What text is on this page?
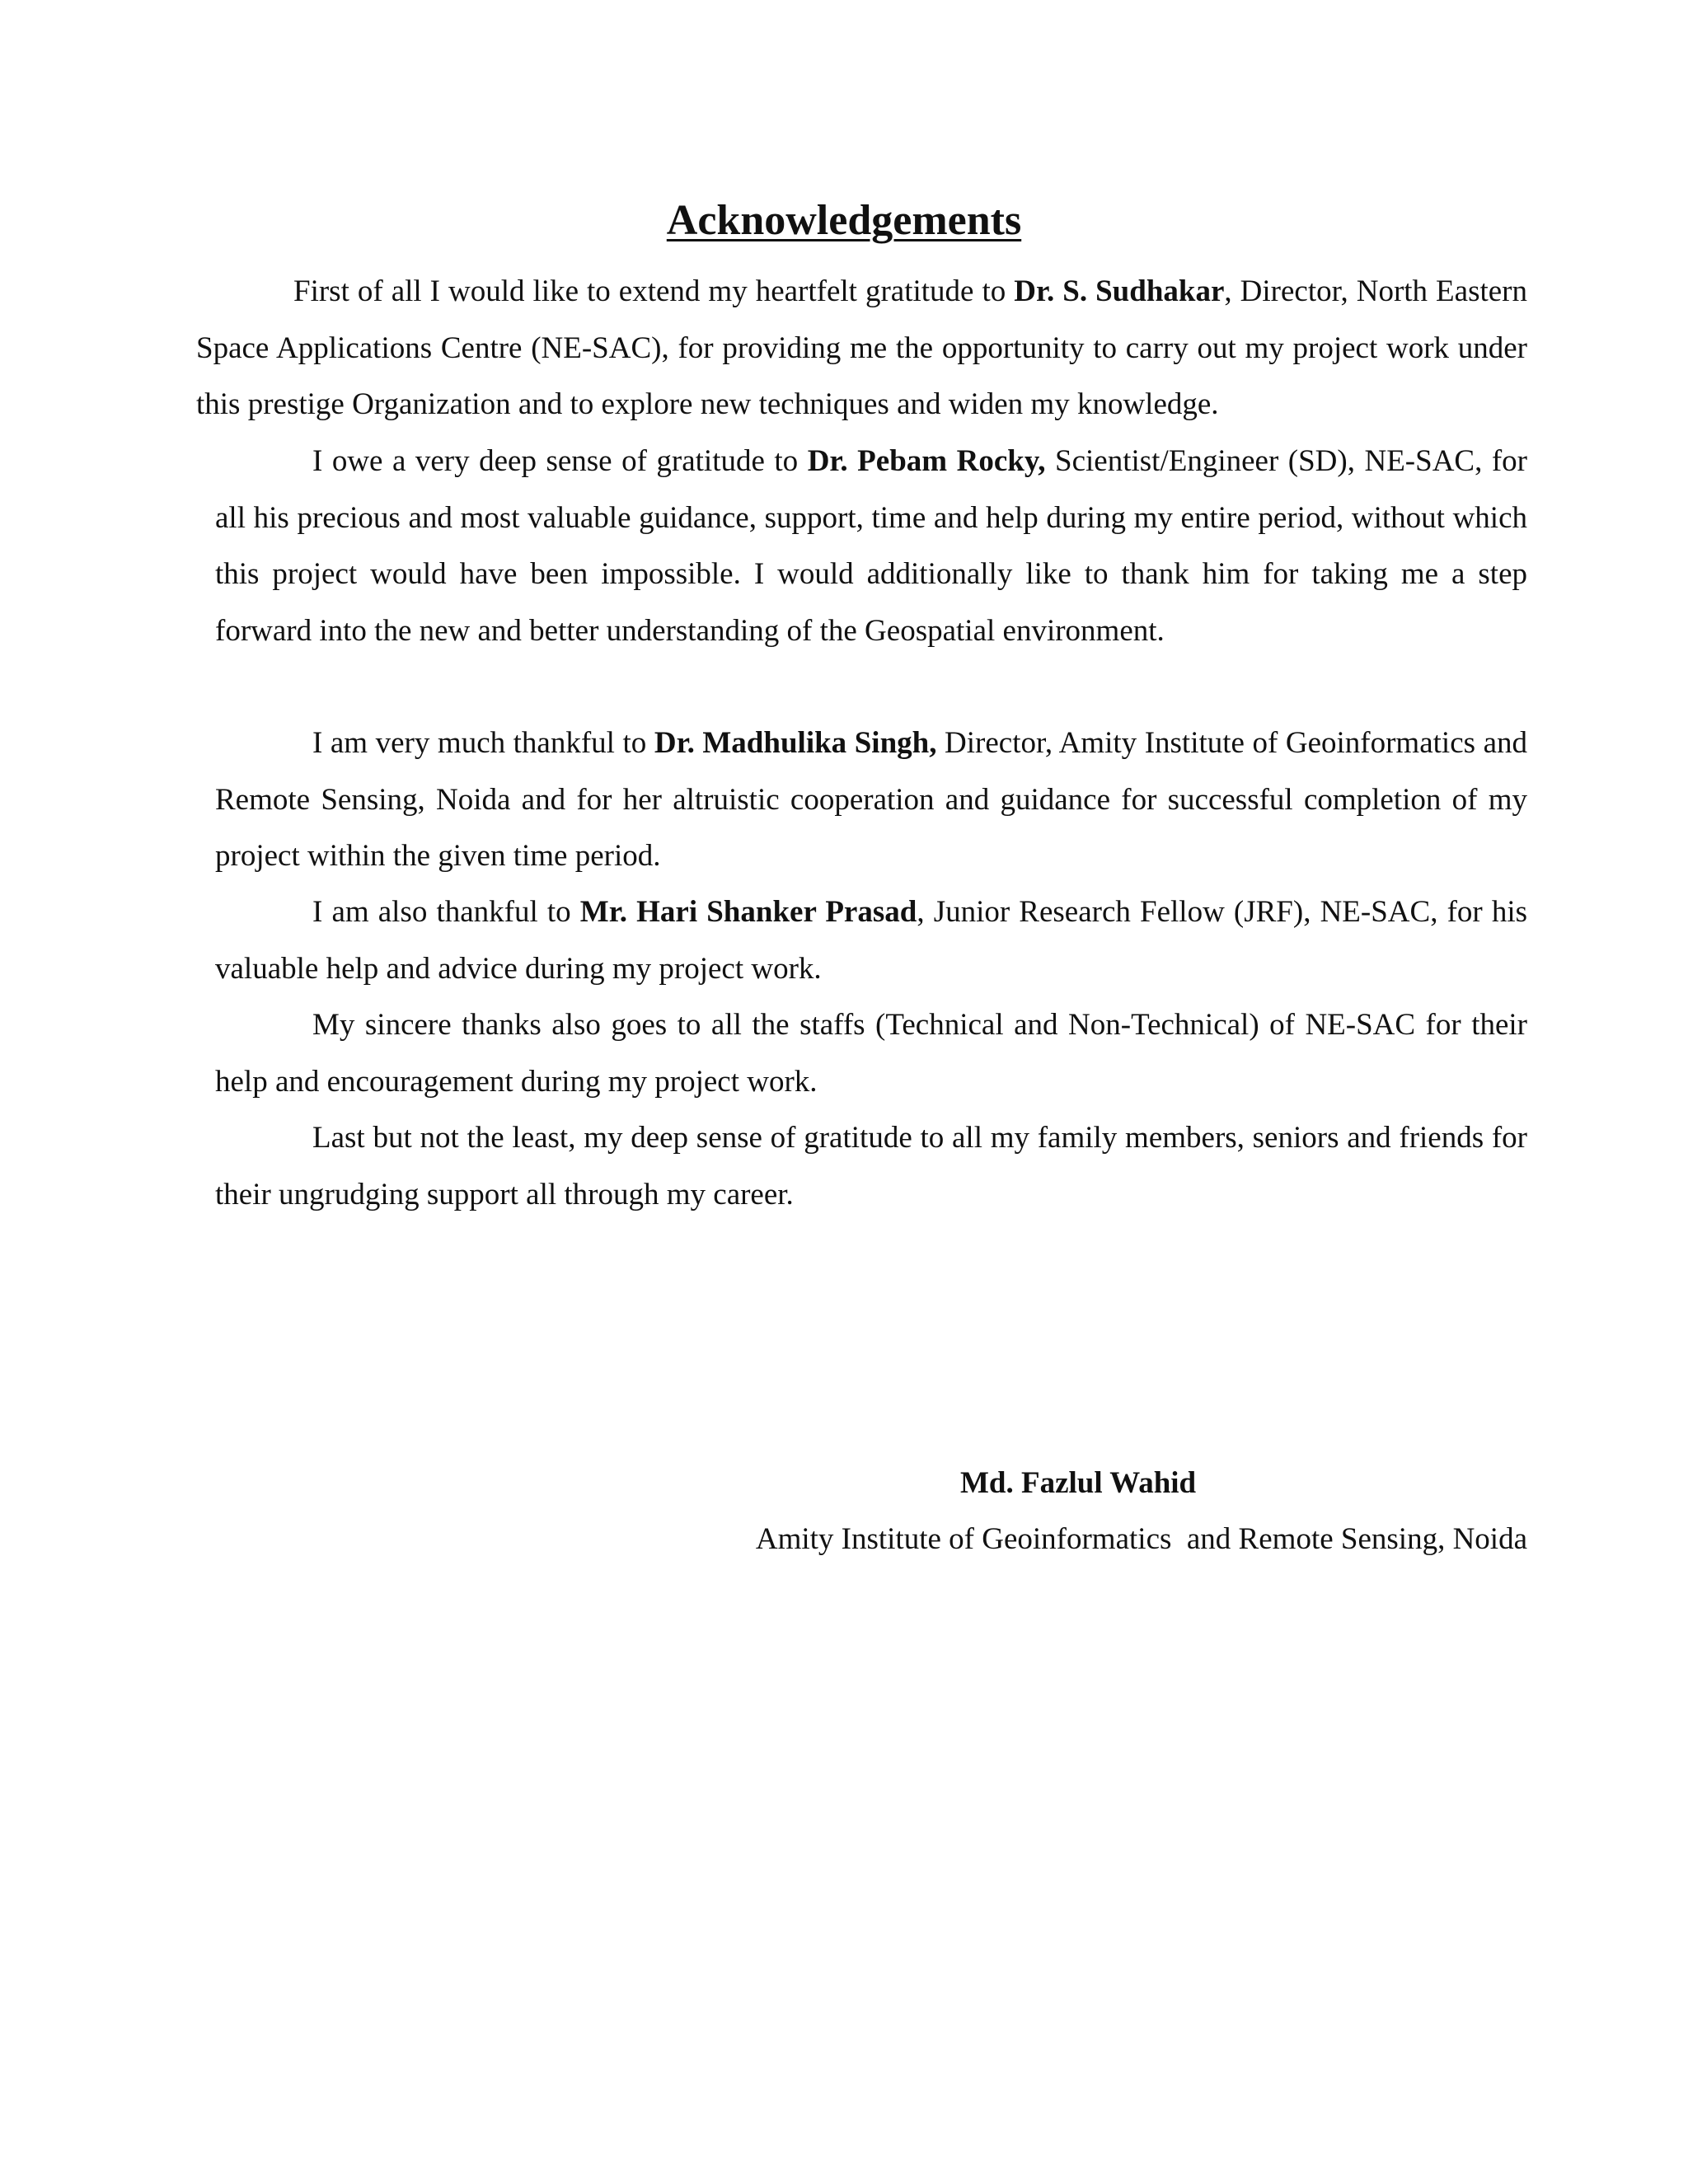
Acknowledgements

First of all I would like to extend my heartfelt gratitude to Dr. S. Sudhakar, Director, North Eastern Space Applications Centre (NE-SAC), for providing me the opportunity to carry out my project work under this prestige Organization and to explore new techniques and widen my knowledge.

I owe a very deep sense of gratitude to Dr. Pebam Rocky, Scientist/Engineer (SD), NE-SAC, for all his precious and most valuable guidance, support, time and help during my entire period, without which this project would have been impossible. I would additionally like to thank him for taking me a step forward into the new and better understanding of the Geospatial environment.

I am very much thankful to Dr. Madhulika Singh, Director, Amity Institute of Geoinformatics and Remote Sensing, Noida and for her altruistic cooperation and guidance for successful completion of my project within the given time period.

I am also thankful to Mr. Hari Shanker Prasad, Junior Research Fellow (JRF), NE-SAC, for his valuable help and advice during my project work.

My sincere thanks also goes to all the staffs (Technical and Non-Technical) of NE-SAC for their help and encouragement during my project work.

Last but not the least, my deep sense of gratitude to all my family members, seniors and friends for their ungrudging support all through my career.

Md. Fazlul Wahid

Amity Institute of Geoinformatics  and Remote Sensing, Noida
